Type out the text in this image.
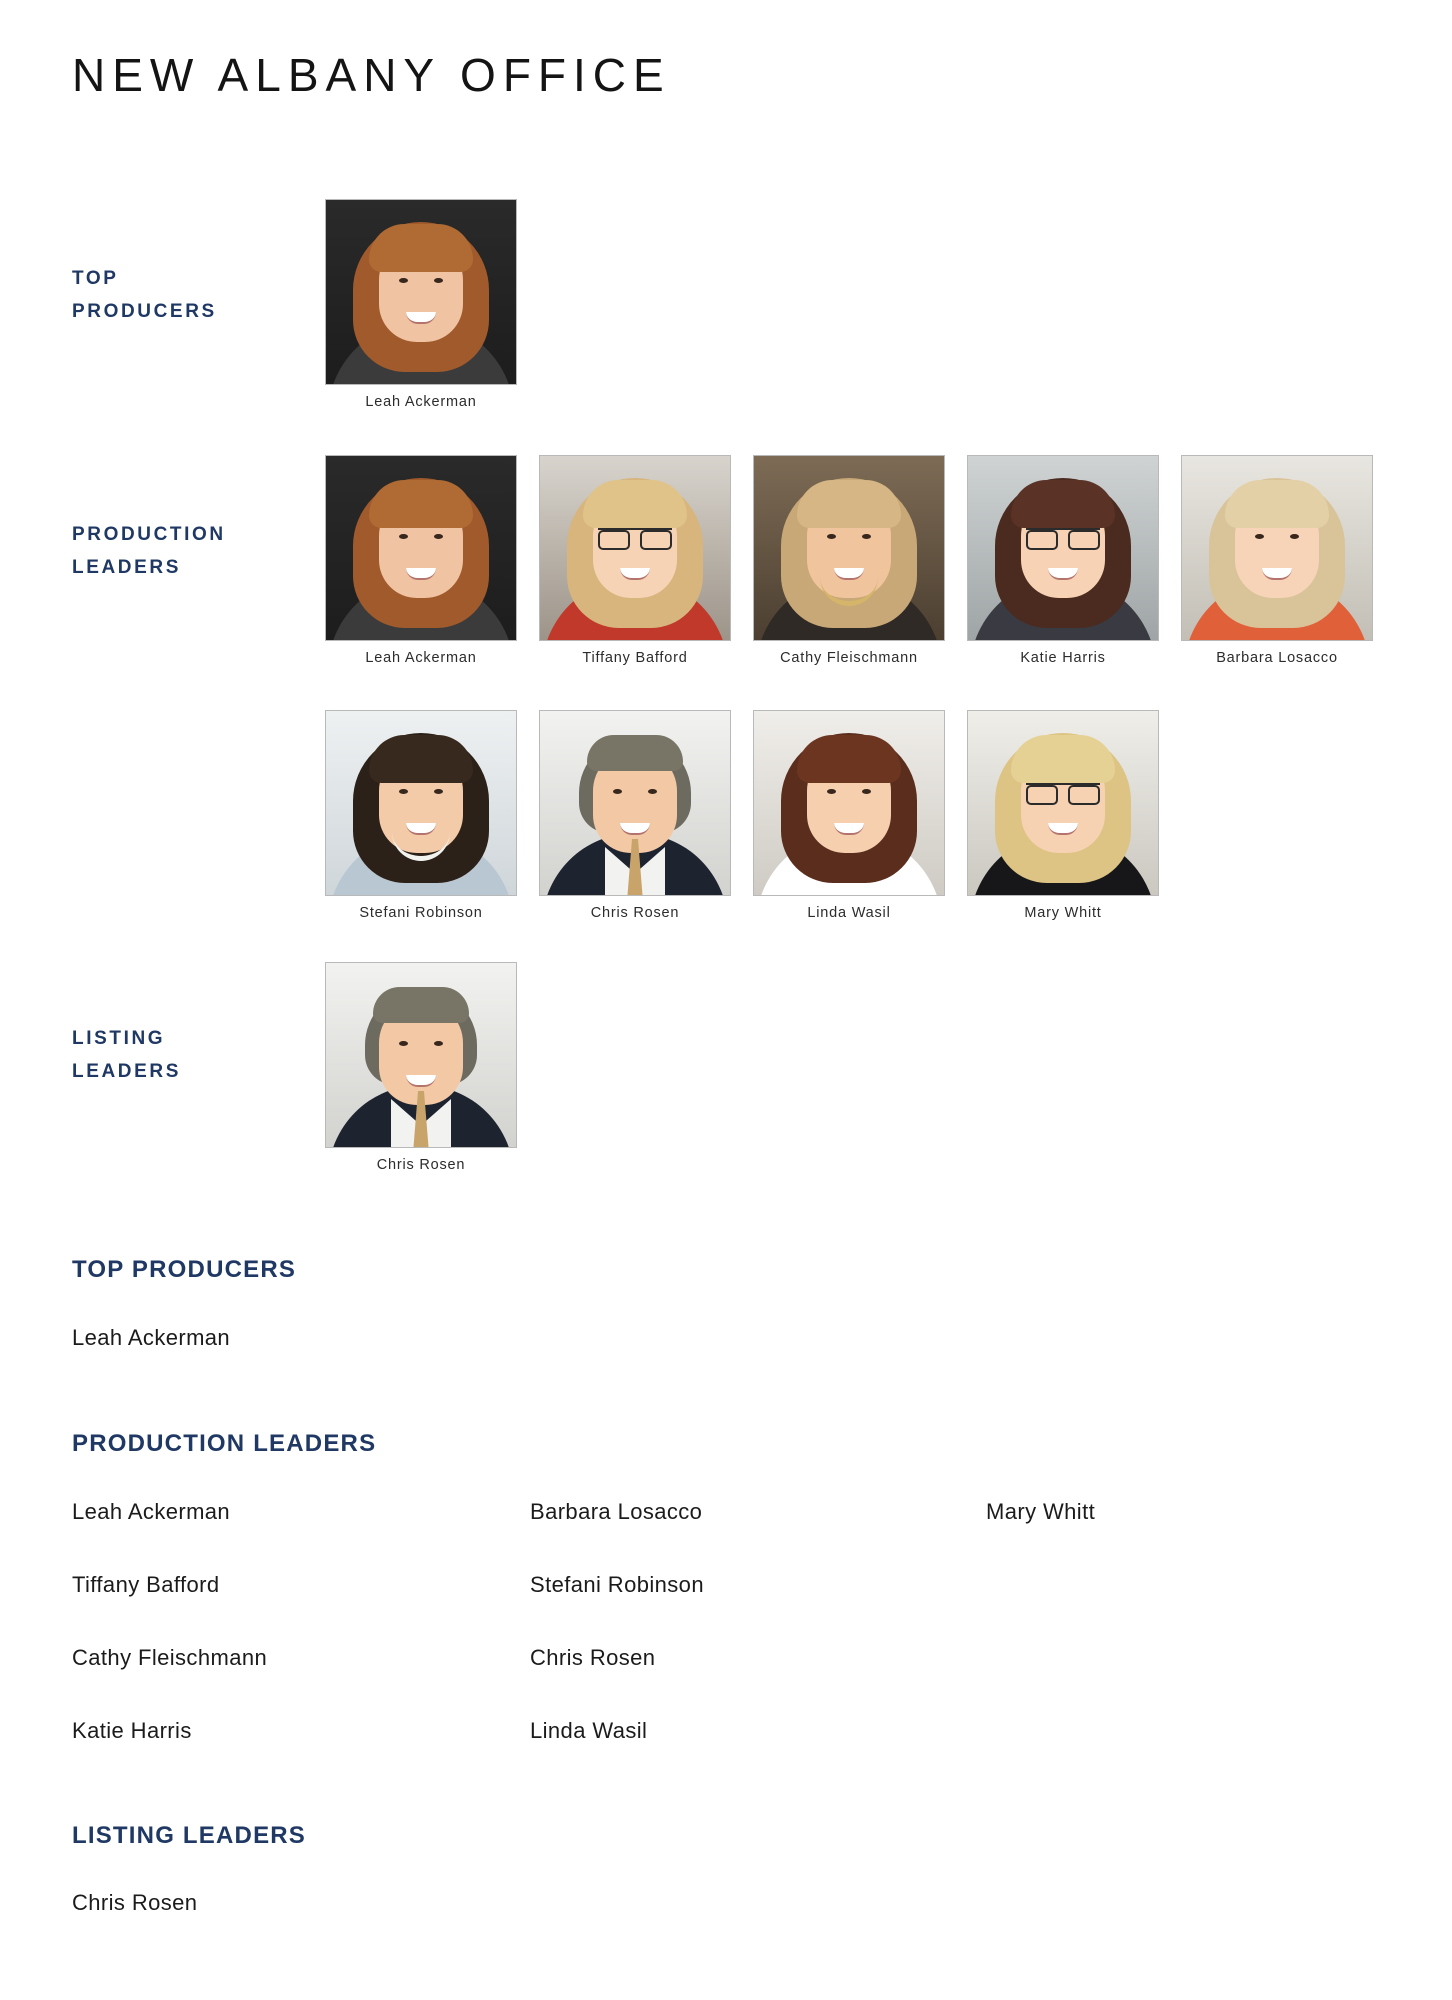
NEW ALBANY OFFICE
TOP
PRODUCERS
Leah Ackerman
PRODUCTION
LEADERS
Leah Ackerman	Tiffany Bafford	Cathy Fleischmann	Katie Harris	Barbara Losacco
Stefani Robinson	Chris Rosen	Linda Wasil	Mary Whitt
LISTING
LEADERS
Chris Rosen
TOP PRODUCERS
Leah Ackerman
PRODUCTION LEADERS
Leah Ackerman
Tiffany Bafford
Cathy Fleischmann
Katie Harris
Barbara Losacco
Stefani Robinson
Chris Rosen
Linda Wasil
Mary Whitt
LISTING LEADERS
Chris Rosen
